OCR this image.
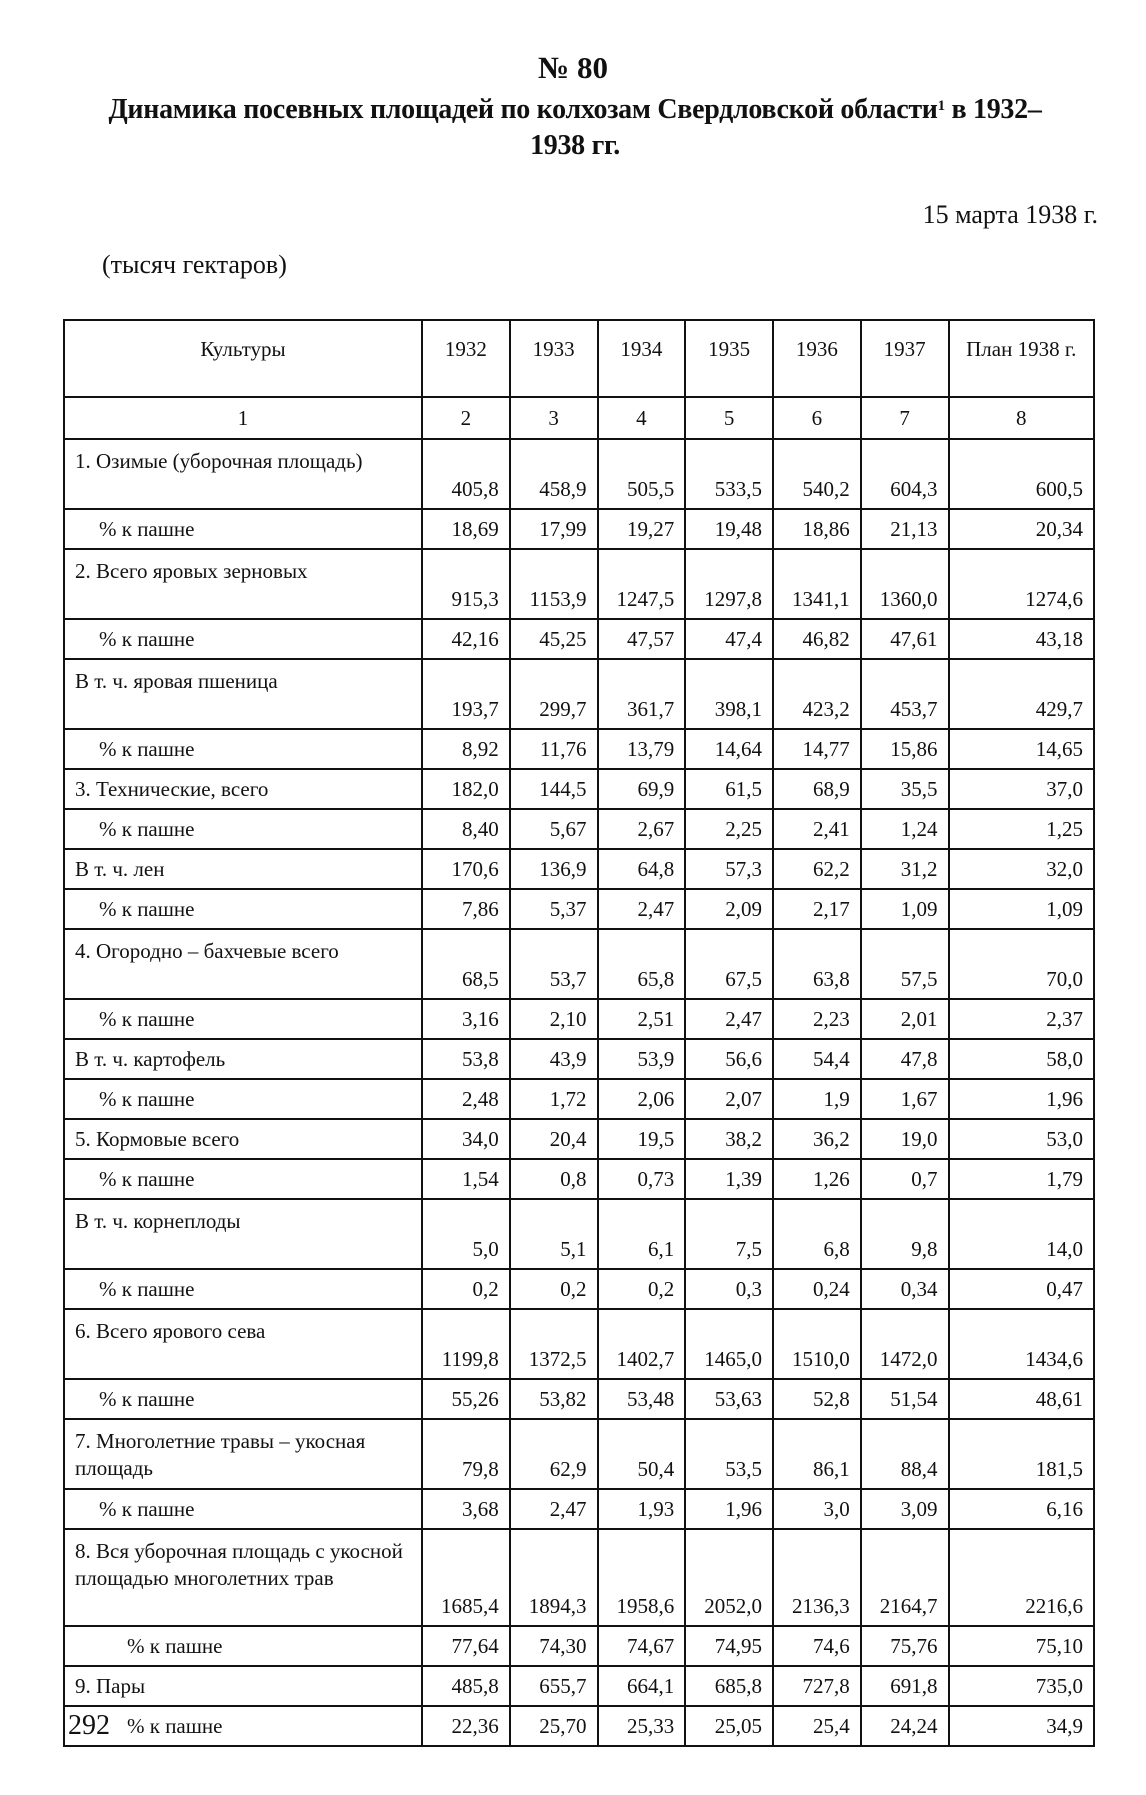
№ 80
Динамика посевных площадей по колхозам Свердловской области$^1$ в 1932–
1938 гг.
15 марта 1938 г.
(тысяч гектаров)
Культуры	1932	1933	1934	1935	1936	1937	План 1938 г.
1	2	3	4	5	6	7	8
1. Озимые (уборочная площадь)	405,8	458,9	505,5	533,5	540,2	604,3	600,5
% к пашне	18,69	17,99	19,27	19,48	18,86	21,13	20,34
2. Всего яровых зерновых	915,3	1153,9	1247,5	1297,8	1341,1	1360,0	1274,6
% к пашне	42,16	45,25	47,57	47,4	46,82	47,61	43,18
В т. ч. яровая пшеница	193,7	299,7	361,7	398,1	423,2	453,7	429,7
% к пашне	8,92	11,76	13,79	14,64	14,77	15,86	14,65
3. Технические, всего	182,0	144,5	69,9	61,5	68,9	35,5	37,0
% к пашне	8,40	5,67	2,67	2,25	2,41	1,24	1,25
В т. ч. лен	170,6	136,9	64,8	57,3	62,2	31,2	32,0
% к пашне	7,86	5,37	2,47	2,09	2,17	1,09	1,09
4. Огородно – бахчевые всего	68,5	53,7	65,8	67,5	63,8	57,5	70,0
% к пашне	3,16	2,10	2,51	2,47	2,23	2,01	2,37
В т. ч. картофель	53,8	43,9	53,9	56,6	54,4	47,8	58,0
% к пашне	2,48	1,72	2,06	2,07	1,9	1,67	1,96
5. Кормовые всего	34,0	20,4	19,5	38,2	36,2	19,0	53,0
% к пашне	1,54	0,8	0,73	1,39	1,26	0,7	1,79
В т. ч. корнеплоды	5,0	5,1	6,1	7,5	6,8	9,8	14,0
% к пашне	0,2	0,2	0,2	0,3	0,24	0,34	0,47
6. Всего ярового сева	1199,8	1372,5	1402,7	1465,0	1510,0	1472,0	1434,6
% к пашне	55,26	53,82	53,48	53,63	52,8	51,54	48,61
7. Многолетние травы – укосная площадь	79,8	62,9	50,4	53,5	86,1	88,4	181,5
% к пашне	3,68	2,47	1,93	1,96	3,0	3,09	6,16
8. Вся уборочная площадь с укосной площадью многолетних трав	1685,4	1894,3	1958,6	2052,0	2136,3	2164,7	2216,6
% к пашне	77,64	74,30	74,67	74,95	74,6	75,76	75,10
9. Пары	485,8	655,7	664,1	685,8	727,8	691,8	735,0
% к пашне	22,36	25,70	25,33	25,05	25,4	24,24	34,9
292
